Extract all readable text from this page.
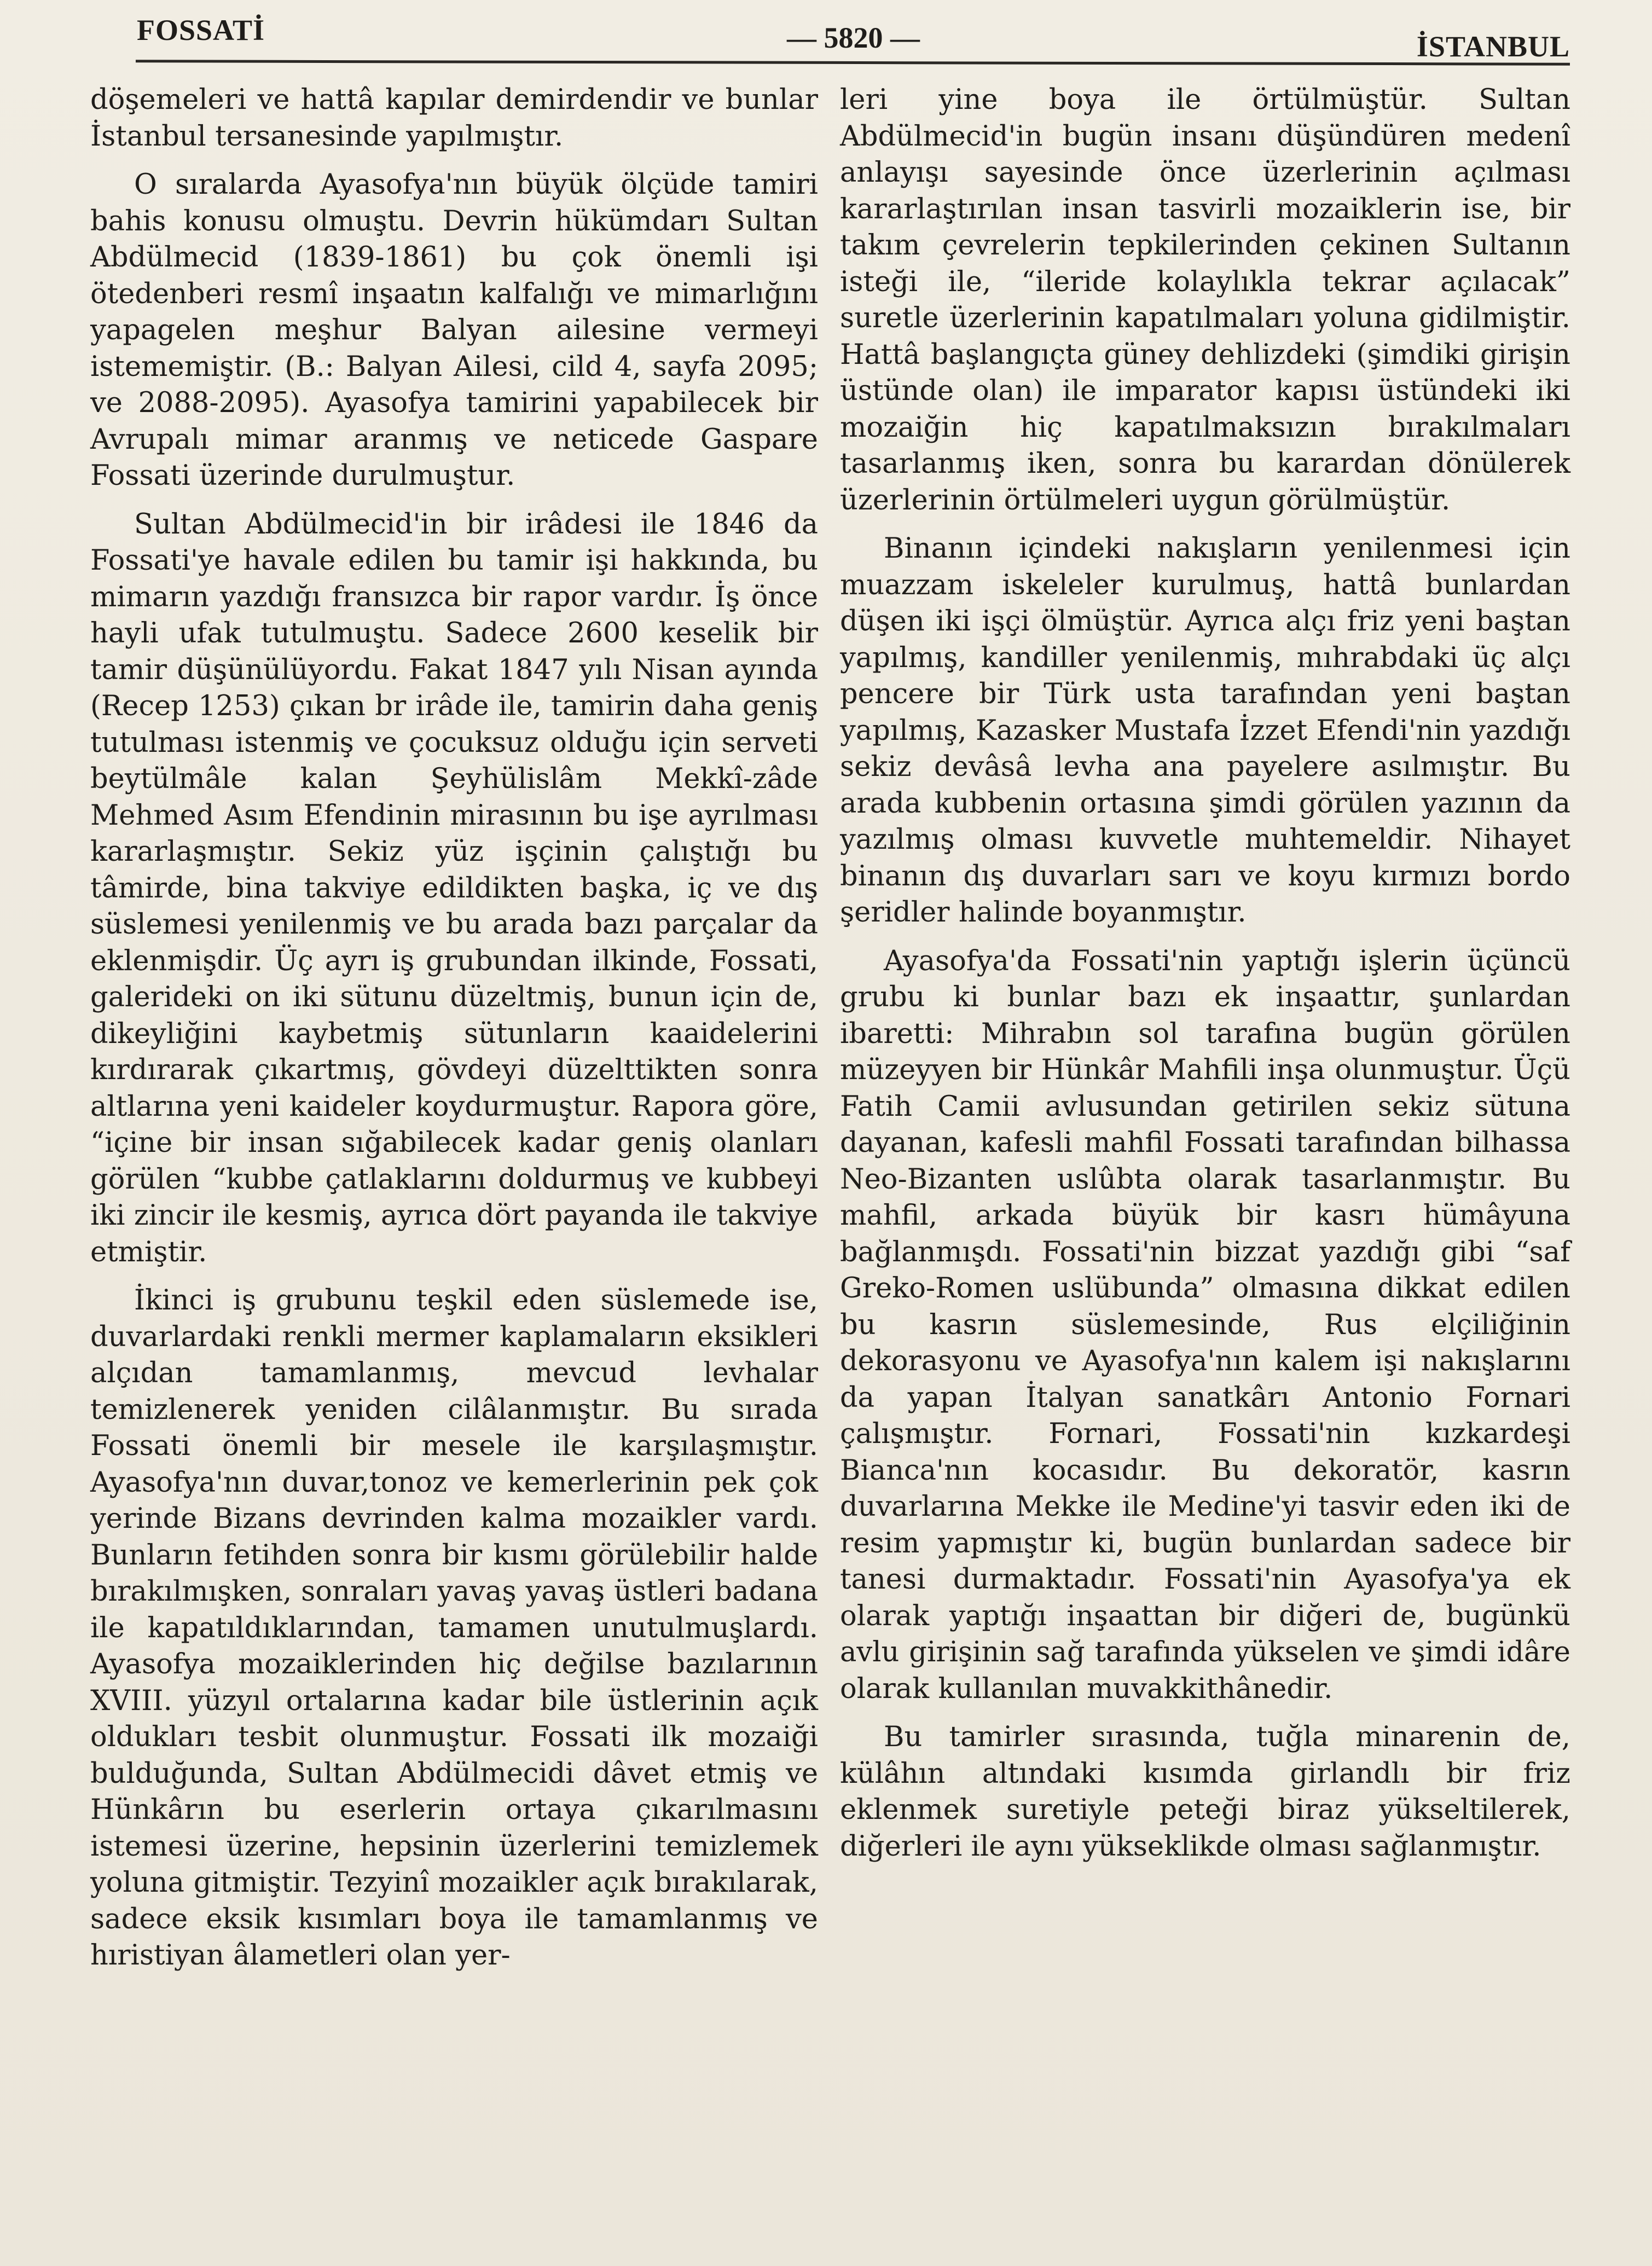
FOSSATİ	— 5820 —	İSTANBUL

döşemeleri ve hattâ kapılar demirdendir ve bunlar İstanbul tersanesinde yapılmıştır.

O sıralarda Ayasofya'nın büyük ölçüde tamiri bahis konusu olmuştu. Devrin hükümdarı Sultan Abdülmecid (1839-1861) bu çok önemli işi ötedenberi resmî inşaatın kalfalığı ve mimarlığını yapagelen meşhur Balyan ailesine vermeyi istememiştir. (B.: Balyan Ailesi, cild 4, sayfa 2095; ve 2088-2095). Ayasofya tamirini yapabilecek bir Avrupalı mimar aranmış ve neticede Gaspare Fossati üzerinde durulmuştur.

Sultan Abdülmecid'in bir irâdesi ile 1846 da Fossati'ye havale edilen bu tamir işi hakkında, bu mimarın yazdığı fransızca bir rapor vardır. İş önce hayli ufak tutulmuştu. Sadece 2600 keselik bir tamir düşünülüyordu. Fakat 1847 yılı Nisan ayında (Recep 1253) çıkan br irâde ile, tamirin daha geniş tutulması istenmiş ve çocuksuz olduğu için serveti beytülmâle kalan Şeyhülislâm Mekkî-zâde Mehmed Asım Efendinin mirasının bu işe ayrılması kararlaşmıştır. Sekiz yüz işçinin çalıştığı bu tâmirde, bina takviye edildikten başka, iç ve dış süslemesi yenilenmiş ve bu arada bazı parçalar da eklenmişdir. Üç ayrı iş grubundan ilkinde, Fossati, galerideki on iki sütunu düzeltmiş, bunun için de, dikeyliğini kaybetmiş sütunların kaaidelerini kırdırarak çıkartmış, gövdeyi düzelttikten sonra altlarına yeni kaideler koydurmuştur. Rapora göre, “içine bir insan sığabilecek kadar geniş olanları görülen “kubbe çatlaklarını doldurmuş ve kubbeyi iki zincir ile kesmiş, ayrıca dört payanda ile takviye etmiştir.

İkinci iş grubunu teşkil eden süslemede ise, duvarlardaki renkli mermer kaplamaların eksikleri alçıdan tamamlanmış, mevcud levhalar temizlenerek yeniden cilâlanmıştır. Bu sırada Fossati önemli bir mesele ile karşılaşmıştır. Ayasofya'nın duvar,tonoz ve kemerlerinin pek çok yerinde Bizans devrinden kalma mozaikler vardı. Bunların fetihden sonra bir kısmı görülebilir halde bırakılmışken, sonraları yavaş yavaş üstleri badana ile kapatıldıklarından, tamamen unutulmuşlardı. Ayasofya mozaiklerinden hiç değilse bazılarının XVIII. yüzyıl ortalarına kadar bile üstlerinin açık oldukları tesbit olunmuştur. Fossati ilk mozaiği bulduğunda, Sultan Abdülmecidi dâvet etmiş ve Hünkârın bu eserlerin ortaya çıkarılmasını istemesi üzerine, hepsinin üzerlerini temizlemek yoluna gitmiştir. Tezyinî mozaikler açık bırakılarak, sadece eksik kısımları boya ile tamamlanmış ve hıristiyan âlametleri olan yer-

leri yine boya ile örtülmüştür. Sultan Abdülmecid'in bugün insanı düşündüren medenî anlayışı sayesinde önce üzerlerinin açılması kararlaştırılan insan tasvirli mozaiklerin ise, bir takım çevrelerin tepkilerinden çekinen Sultanın isteği ile, “ileride kolaylıkla tekrar açılacak” suretle üzerlerinin kapatılmaları yoluna gidilmiştir. Hattâ başlangıçta güney dehlizdeki (şimdiki girişin üstünde olan) ile imparator kapısı üstündeki iki mozaiğin hiç kapatılmaksızın bırakılmaları tasarlanmış iken, sonra bu karardan dönülerek üzerlerinin örtülmeleri uygun görülmüştür.

Binanın içindeki nakışların yenilenmesi için muazzam iskeleler kurulmuş, hattâ bunlardan düşen iki işçi ölmüştür. Ayrıca alçı friz yeni baştan yapılmış, kandiller yenilenmiş, mıhrabdaki üç alçı pencere bir Türk usta tarafından yeni baştan yapılmış, Kazasker Mustafa İzzet Efendi'nin yazdığı sekiz devâsâ levha ana payelere asılmıştır. Bu arada kubbenin ortasına şimdi görülen yazının da yazılmış olması kuvvetle muhtemeldir. Nihayet binanın dış duvarları sarı ve koyu kırmızı bordo şeridler halinde boyanmıştır.

Ayasofya'da Fossati'nin yaptığı işlerin üçüncü grubu ki bunlar bazı ek inşaattır, şunlardan ibaretti: Mihrabın sol tarafına bugün görülen müzeyyen bir Hünkâr Mahfili inşa olunmuştur. Üçü Fatih Camii avlusundan getirilen sekiz sütuna dayanan, kafesli mahfil Fossati tarafından bilhassa Neo-Bizanten uslûbta olarak tasarlanmıştır. Bu mahfil, arkada büyük bir kasrı hümâyuna bağlanmışdı. Fossati'nin bizzat yazdığı gibi “saf Greko-Romen uslübunda” olmasına dikkat edilen bu kasrın süslemesinde, Rus elçiliğinin dekorasyonu ve Ayasofya'nın kalem işi nakışlarını da yapan İtalyan sanatkârı Antonio Fornari çalışmıştır. Fornari, Fossati'nin kızkardeşi Bianca'nın kocasıdır. Bu dekoratör, kasrın duvarlarına Mekke ile Medine'yi tasvir eden iki de resim yapmıştır ki, bugün bunlardan sadece bir tanesi durmaktadır. Fossati'nin Ayasofya'ya ek olarak yaptığı inşaattan bir diğeri de, bugünkü avlu girişinin sağ tarafında yükselen ve şimdi idâre olarak kullanılan muvakkithânedir.

Bu tamirler sırasında, tuğla minarenin de, külâhın altındaki kısımda girlandlı bir friz eklenmek suretiyle peteği biraz yükseltilerek, diğerleri ile aynı yükseklikde olması sağlanmıştır.
